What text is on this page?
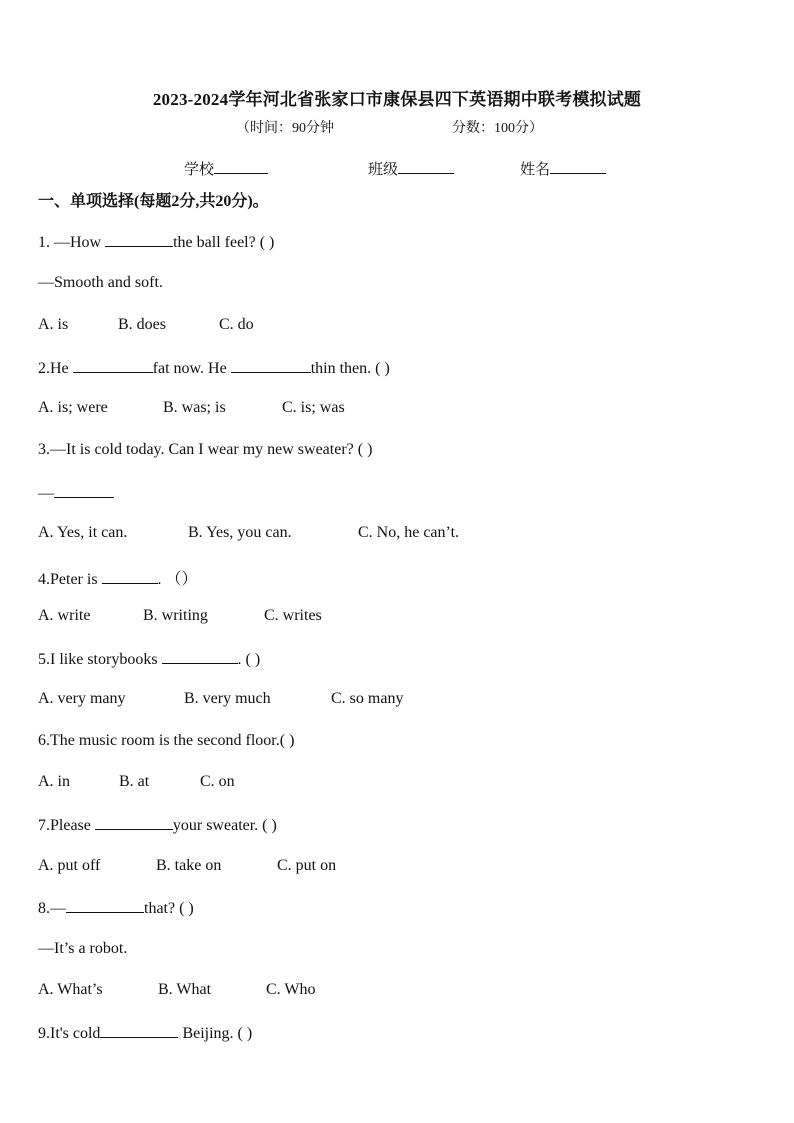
2023-2024学年河北省张家口市康保县四下英语期中联考模拟试题
（时间：90分钟	分数：100分）
学校	班级	姓名
一、单项选择(每题2分,共20分)。
1. —How	the ball feel? ( )
—Smooth and soft.
A. is	B. does	C. do
2.He	fat now. He	thin then. ( )
A. is; were	B. was; is	C. is; was
3.—It is cold today. Can I wear my new sweater? ( )
—
A. Yes, it can.	B. Yes, you can.	C. No, he can’t.
4.Peter is	. （）
A. write	B. writing	C. writes
5.I like storybooks	. ( )
A. very many	B. very much	C. so many
6.The music room is the second floor.( )
A. in	B. at	C. on
7.Please	your sweater. ( )
A. put off	B. take on	C. put on
8.—	that? ( )
—It’s a robot.
A. What’s	B. What	C. Who
9.It's cold	Beijing. ( )
